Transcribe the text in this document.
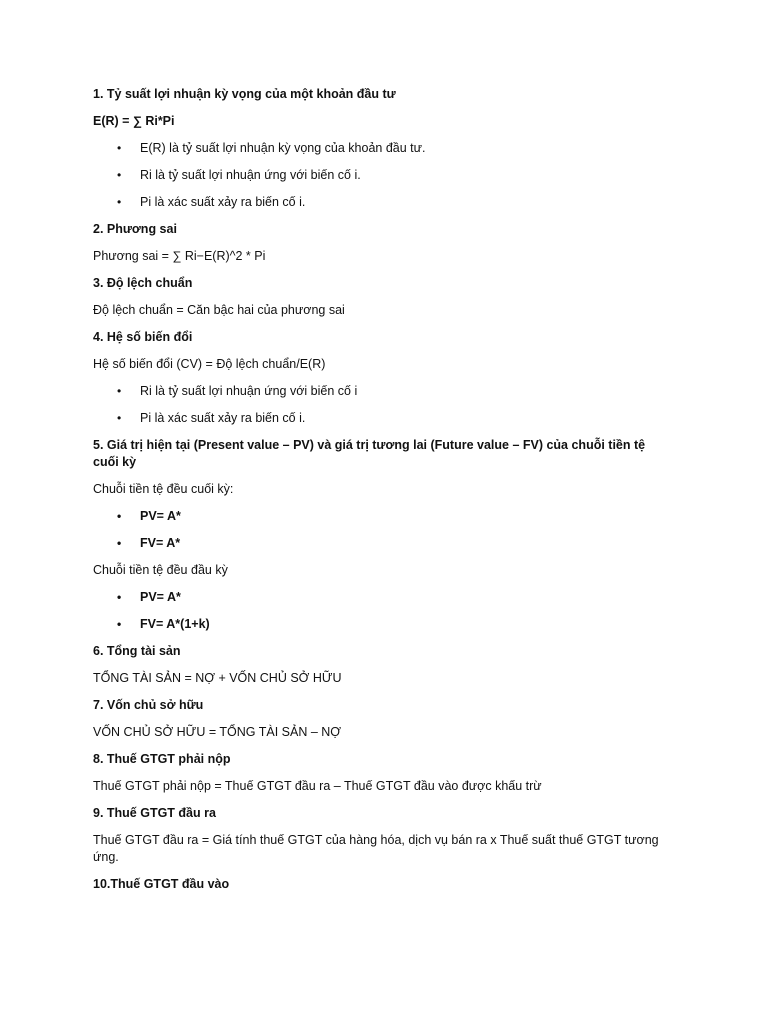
1. Tỷ suất lợi nhuận kỳ vọng của một khoản đầu tư

E(R) = ∑ Ri*Pi

• E(R) là tỷ suất lợi nhuận kỳ vọng của khoản đầu tư.
• Ri là tỷ suất lợi nhuận ứng với biến cố i.
• Pi là xác suất xảy ra biến cố i.

2. Phương sai

Phương sai = ∑ Ri−E(R)^2 * Pi

3. Độ lệch chuẩn

Độ lệch chuẩn = Căn bậc hai của phương sai

4. Hệ số biến đổi

Hệ số biến đổi (CV) = Độ lệch chuẩn/E(R)

• Ri là tỷ suất lợi nhuận ứng với biến cố i
• Pi là xác suất xảy ra biến cố i.

5. Giá trị hiện tại (Present value – PV) và giá trị tương lai (Future value – FV) của chuỗi tiền tệ cuối kỳ

Chuỗi tiền tệ đều cuối kỳ:

• PV= A*
• FV= A*

Chuỗi tiền tệ đều đầu kỳ

• PV= A*
• FV= A*(1+k)

6. Tổng tài sản

TỔNG TÀI SẢN = NỢ + VỐN CHỦ SỞ HỮU

7. Vốn chủ sở hữu

VỐN CHỦ SỞ HỮU = TỔNG TÀI SẢN – NỢ

8. Thuế GTGT phải nộp

Thuế GTGT phải nộp = Thuế GTGT đầu ra – Thuế GTGT đầu vào được khấu trừ

9. Thuế GTGT đầu ra

Thuế GTGT đầu ra = Giá tính thuế GTGT của hàng hóa, dịch vụ bán ra x Thuế suất thuế GTGT tương ứng.

10.Thuế GTGT đầu vào
